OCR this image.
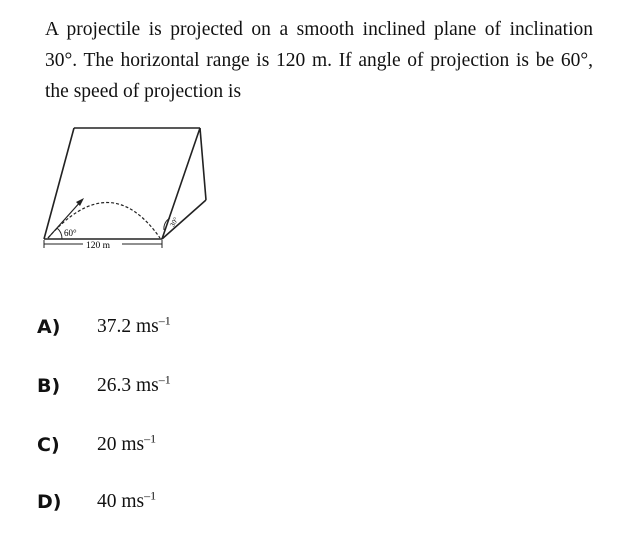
A projectile is projected on a smooth inclined plane of inclination 30°. The horizontal range is 120 m. If angle of projection is be 60°, the speed of projection is
60°
30°
120 m
A) 37.2 $ms^{-1}$
B) 26.3 $ms^{-1}$
C) 20 $ms^{-1}$
D) 40 $ms^{-1}$
